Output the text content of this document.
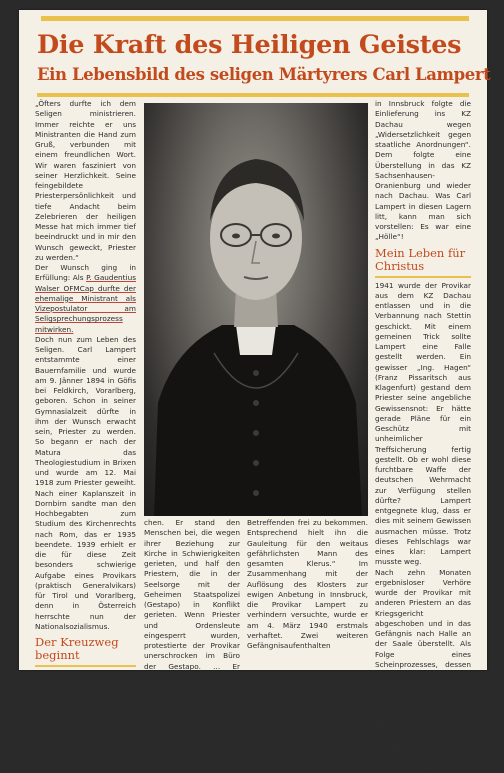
Die Kraft des Heiligen Geistes
Ein Lebensbild des seligen Märtyrers Carl Lampert

„Öfters durfte ich dem Seligen ministrieren. Immer reichte er uns Ministranten die Hand zum Gruß, verbunden mit einem freundlichen Wort. Wir waren fasziniert von seiner Herzlichkeit. Seine feingebildete Priesterpersönlichkeit und tiefe Andacht beim Zelebrieren der heiligen Messe hat mich immer tief beeindruckt und in mir den Wunsch geweckt, Priester zu werden.“

Der Wunsch ging in Erfüllung: Als P. Gaudentius Walser OFMCap durfte der ehemalige Ministrant als Vizepostulator am Seligsprechungsprozess mitwirken.

Doch nun zum Leben des Seligen. Carl Lampert entstammte einer Bauernfamilie und wurde am 9. Jänner 1894 in Göfis bei Feldkirch, Vorarlberg, geboren. Schon in seiner Gymnasialzeit dürfte in ihm der Wunsch erwacht sein, Priester zu werden. So begann er nach der Matura das Theologiestudium in Brixen und wurde am 12. Mai 1918 zum Priester geweiht. Nach einer Kaplanszeit in Dornbirn sandte man den Hochbegabten zum Studium des Kirchenrechts nach Rom, das er 1935 beendete. 1939 erhielt er die für diese Zeit besonders schwierige Aufgabe eines Provikars (praktisch Generalvikars) für Tirol und Vorarlberg, denn in Österreich herrschte nun der Nationalsozialismus.

Der Kreuzweg beginnt

„Provikar Lampert hatte nicht die Absicht, den politischen Gegnern auszuwei-

chen. Er stand den Menschen bei, die wegen ihrer Beziehung zur Kirche in Schwierigkeiten gerieten, und half den Priestern, die in der Seelsorge mit der Geheimen Staatspolizei (Gestapo) in Konflikt gerieten. Wenn Priester und Ordensleute eingesperrt wurden, protestierte der Provikar unerschrocken im Büro der Gestapo. ... Er versuchte mit allen rechtlichen Mitteln, die

Betreffenden frei zu bekommen. Entsprechend hielt ihn die Gauleitung für den weitaus gefährlichsten Mann des gesamten Klerus.“ Im Zusammenhang mit der Auflösung des Klosters zur ewigen Anbetung in Innsbruck, die Provikar Lampert zu verhindern versuchte, wurde er am 4. März 1940 erstmals verhaftet. Zwei weiteren Gefängnisaufenthalten

in Innsbruck folgte die Einlieferung ins KZ Dachau wegen „Widersetzlichkeit gegen staatliche Anordnungen“. Dem folgte eine Überstellung in das KZ Sachsenhausen-Oranienburg und wieder nach Dachau. Was Carl Lampert in diesen Lagern litt, kann man sich vorstellen: Es war eine „Hölle“!

Mein Leben für Christus

1941 wurde der Provikar aus dem KZ Dachau entlassen und in die Verbannung nach Stettin geschickt. Mit einem gemeinen Trick sollte Lampert eine Falle gestellt werden. Ein gewisser „Ing. Hagen“ (Franz Pissaritsch aus Klagenfurt) gestand dem Priester seine angebliche Gewissensnot: Er hätte gerade Pläne für ein Geschütz mit unheimlicher Treffsicherung fertig gestellt. Ob er wohl diese furchtbare Waffe der deutschen Wehrmacht zur Verfügung stellen dürfte? Lampert entgegnete klug, dass er dies mit seinem Gewissen ausmachen müsse. Trotz dieses Fehlschlags war eines klar: Lampert musste weg.

Nach zehn Monaten ergebnisloser Verhöre wurde der Provikar mit anderen Priestern an das Kriegsgericht abgeschoben und in das Gefängnis nach Halle an der Saale überstellt. Als Folge eines Scheinprozesses, dessen Ausgang von vornherein klar war, wurde Lampert am 20. Dezember 1943 wegen Feindbegünstigung, Zersetzung der Wehrkraft, Rundfunkverbrechens und Verlust der bürgerlichen Ehrenrech-
